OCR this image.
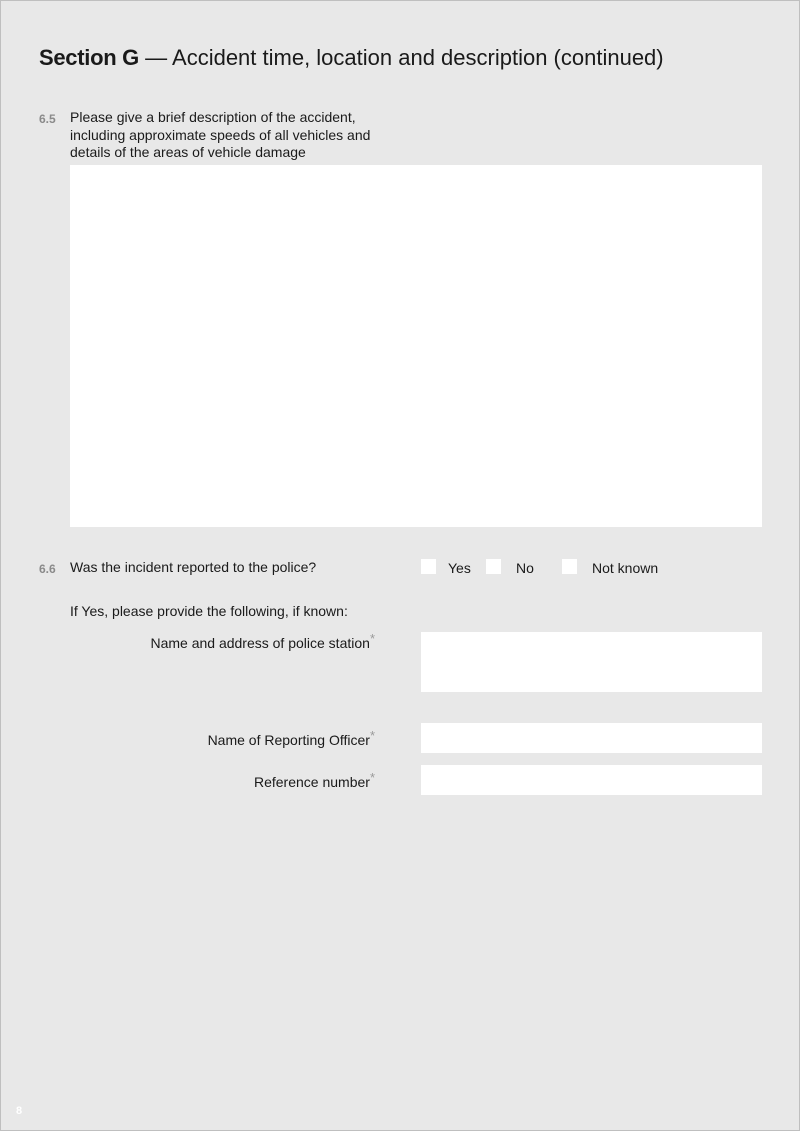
Section G — Accident time, location and description (continued)
6.5 Please give a brief description of the accident,
including approximate speeds of all vehicles and
details of the areas of vehicle damage
6.6 Was the incident reported to the police?	Yes	No	Not known
If Yes, please provide the following, if known:
Name and address of police station*
Name of Reporting Officer*
Reference number*
8
